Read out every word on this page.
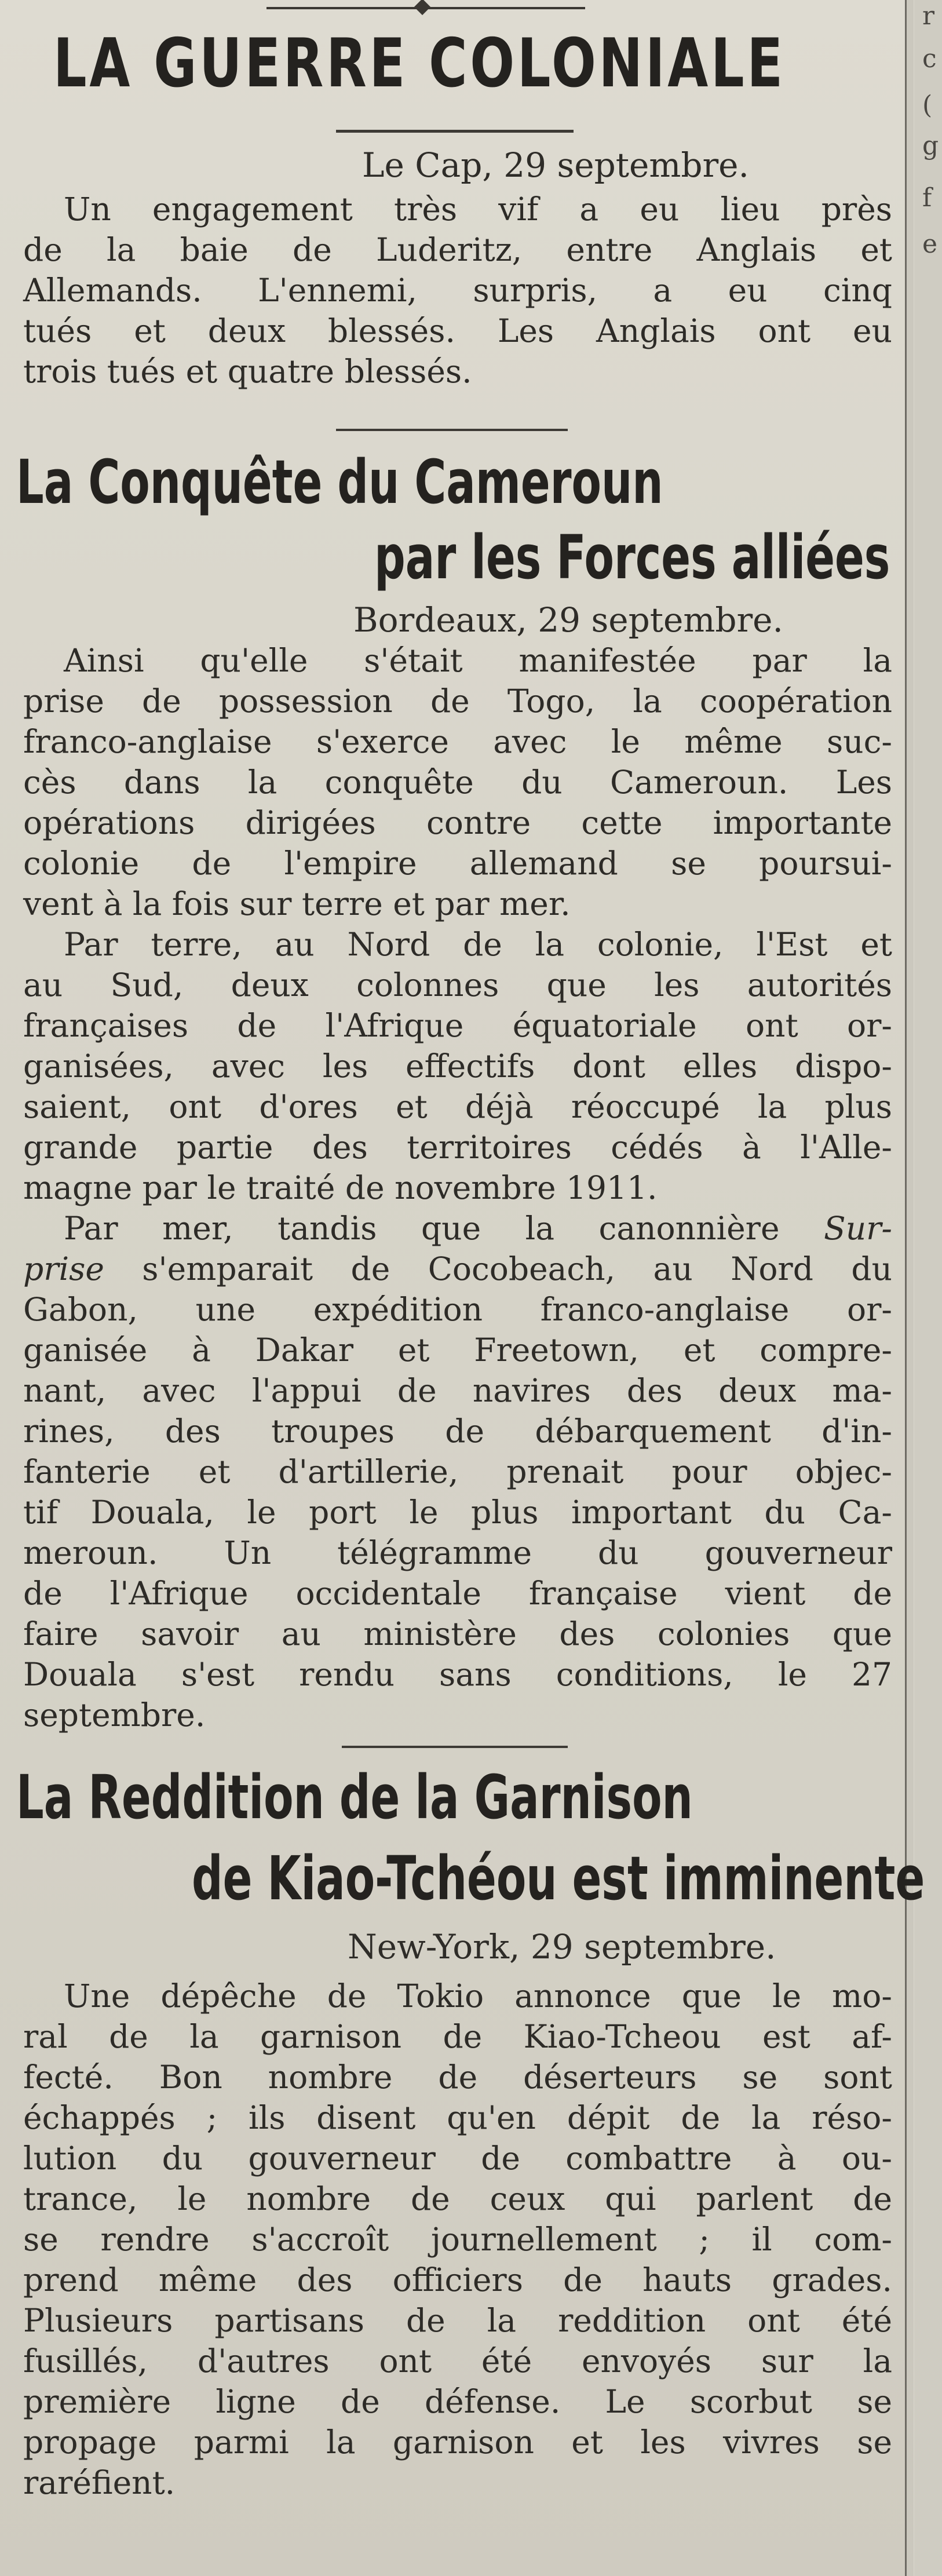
r
c
(
g
f
e
LA GUERRE COLONIALE
Le Cap, 29 septembre.
Un engagement très vif a eu lieu près
de la baie de Luderitz, entre Anglais et
Allemands. L'ennemi, surpris, a eu cinq
tués et deux blessés. Les Anglais ont eu
trois tués et quatre blessés.
La Conquête du Cameroun
par les Forces alliées
Bordeaux, 29 septembre.
Ainsi qu'elle s'était manifestée par la
prise de possession de Togo, la coopération
franco-anglaise s'exerce avec le même suc-
cès dans la conquête du Cameroun. Les
opérations dirigées contre cette importante
colonie de l'empire allemand se poursui-
vent à la fois sur terre et par mer.
Par terre, au Nord de la colonie, l'Est et
au Sud, deux colonnes que les autorités
françaises de l'Afrique équatoriale ont or-
ganisées, avec les effectifs dont elles dispo-
saient, ont d'ores et déjà réoccupé la plus
grande partie des territoires cédés à l'Alle-
magne par le traité de novembre 1911.
Par mer, tandis que la canonnière Sur-
prise s'emparait de Cocobeach, au Nord du
Gabon, une expédition franco-anglaise or-
ganisée à Dakar et Freetown, et compre-
nant, avec l'appui de navires des deux ma-
rines, des troupes de débarquement d'in-
fanterie et d'artillerie, prenait pour objec-
tif Douala, le port le plus important du Ca-
meroun. Un télégramme du gouverneur
de l'Afrique occidentale française vient de
faire savoir au ministère des colonies que
Douala s'est rendu sans conditions, le 27
septembre.
La Reddition de la Garnison
de Kiao-Tchéou est imminente
New-York, 29 septembre.
Une dépêche de Tokio annonce que le mo-
ral de la garnison de Kiao-Tcheou est af-
fecté. Bon nombre de déserteurs se sont
échappés ; ils disent qu'en dépit de la réso-
lution du gouverneur de combattre à ou-
trance, le nombre de ceux qui parlent de
se rendre s'accroît journellement ; il com-
prend même des officiers de hauts grades.
Plusieurs partisans de la reddition ont été
fusillés, d'autres ont été envoyés sur la
première ligne de défense. Le scorbut se
propage parmi la garnison et les vivres se
raréfient.
